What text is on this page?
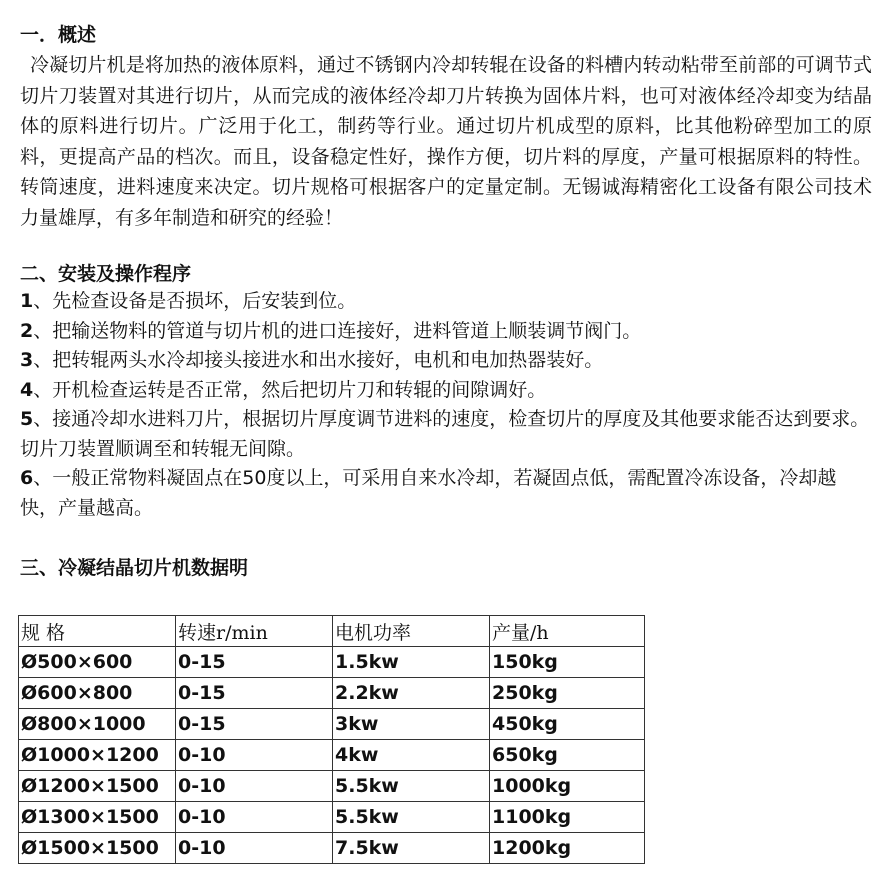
一．概述

冷凝切片机是将加热的液体原料，通过不锈钢内冷却转辊在设备的料槽内转动粘带至前部的可调节式切片刀装置对其进行切片，从而完成的液体经冷却刀片转换为固体片料，也可对液体经冷却变为结晶体的原料进行切片。广泛用于化工，制药等行业。通过切片机成型的原料，比其他粉碎型加工的原料，更提高产品的档次。而且，设备稳定性好，操作方便，切片料的厚度，产量可根据原料的特性。转筒速度，进料速度来决定。切片规格可根据客户的定量定制。无锡诚海精密化工设备有限公司技术力量雄厚，有多年制造和研究的经验！

二、安装及操作程序

1、先检查设备是否损坏，后安装到位。

2、把输送物料的管道与切片机的进口连接好，进料管道上顺装调节阀门。

3、把转辊两头水冷却接头接进水和出水接好，电机和电加热器装好。

4、开机检查运转是否正常，然后把切片刀和转辊的间隙调好。

5、接通冷却水进料刀片，根据切片厚度调节进料的速度，检查切片的厚度及其他要求能否达到要求。切片刀装置顺调至和转辊无间隙。

6、一般正常物料凝固点在50度以上，可采用自来水冷却，若凝固点低，需配置冷冻设备，冷却越快，产量越高。

三、冷凝结晶切片机数据明
规 格	转速r/min	电机功率	产量/h
Ø500×600	0-15	1.5kw	150kg
Ø600×800	0-15	2.2kw	250kg
Ø800×1000	0-15	3kw	450kg
Ø1000×1200	0-10	4kw	650kg
Ø1200×1500	0-10	5.5kw	1000kg
Ø1300×1500	0-10	5.5kw	1100kg
Ø1500×1500	0-10	7.5kw	1200kg
